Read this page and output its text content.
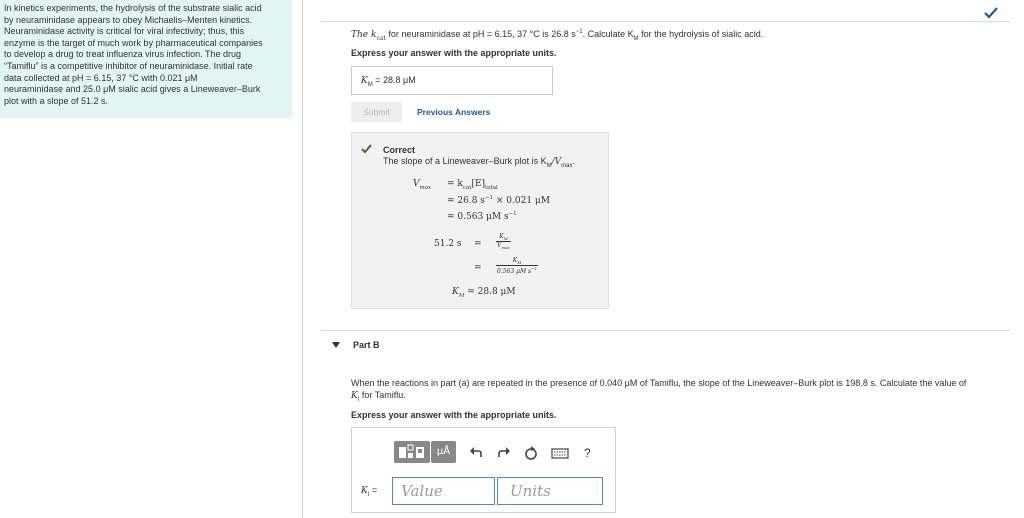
In kinetics experiments, the hydrolysis of the substrate sialic acid
by neuraminidase appears to obey Michaelis–Menten kinetics.
Neuraminidase activity is critical for viral infectivity; thus, this
enzyme is the target of much work by pharmaceutical companies
to develop a drug to treat influenza virus infection. The drug
“Tamiflu” is a competitive inhibitor of neuraminidase. Initial rate
data collected at pH = 6.15, 37 °C with 0.021 μM
neuraminidase and 25.0 μM sialic acid gives a Lineweaver–Burk
plot with a slope of 51.2 s.
The $k_{cat}$ for neuraminidase at pH = 6.15, 37 °C is 26.8 $s^{-1}$. Calculate $K_M$ for the hydrolysis of sialic acid.
Express your answer with the appropriate units.
$K_M = 28.8$ μM
Submit	Previous Answers
Correct
The slope of a Lineweaver–Burk plot is $K_M/V_{max}$.
$V_{max} = k_{cat}[E]_{total}$
= 26.8 $s^{-1} \times 0.021$ μM
= 0.563 μM $s^{-1}$
51.2 $s = \frac{K_M}{V_{max}}$
= $\frac{K_M}{0.563 \mu M s^{-1}}$
$K_M = 28.8$ μM
Part B
When the reactions in part (a) are repeated in the presence of 0.040 μM of Tamiflu, the slope of the Lineweaver–Burk plot is 198.8 s. Calculate the value of
$K_I$ for Tamiflu.
Express your answer with the appropriate units.
μÅ	?
$K_I$ =	Value	Units
